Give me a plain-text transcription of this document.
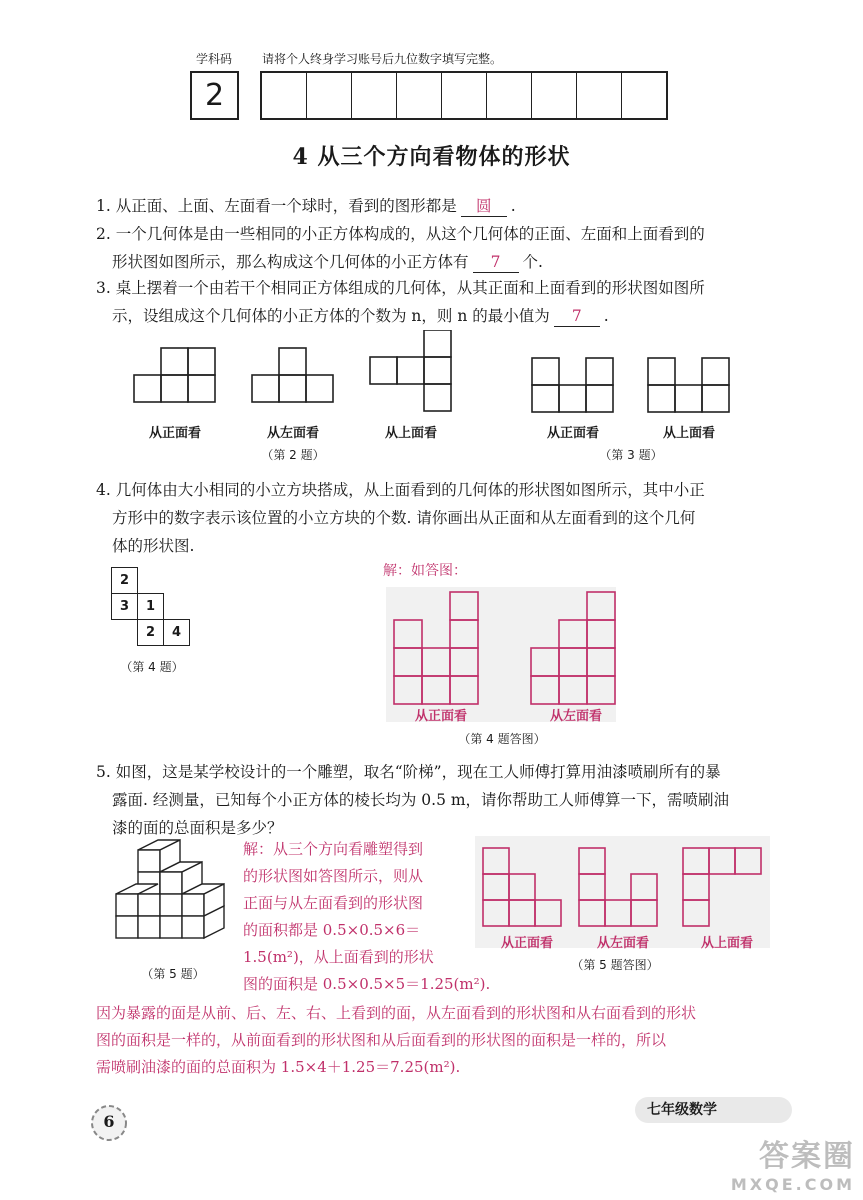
学科码 请将个人终身学习账号后九位数字填写完整。
2
4 从三个方向看物体的形状
1. 从正面、上面、左面看一个球时，看到的图形都是 圆 .
2. 一个几何体是由一些相同的小正方体构成的，从这个几何体的正面、左面和上面看到的
形状图如图所示，那么构成这个几何体的小正方体有 7 个.
3. 桌上摆着一个由若干个相同正方体组成的几何体，从其正面和上面看到的形状图如图所
示，设组成这个几何体的小正方体的个数为 n，则 n 的最小值为 7 .
从正面看	从左面看	从上面看
（第 2 题）
从正面看	从上面看
（第 3 题）
4. 几何体由大小相同的小立方块搭成，从上面看到的几何体的形状图如图所示，其中小正
方形中的数字表示该位置的小立方块的个数. 请你画出从正面和从左面看到的这个几何
体的形状图.
2		
3	1	
	2	4
（第 4 题）
解：如答图：
从正面看	从左面看
（第 4 题答图）
5. 如图，这是某学校设计的一个雕塑，取名“阶梯”，现在工人师傅打算用油漆喷刷所有的暴
露面. 经测量，已知每个小正方体的棱长均为 0.5 m，请你帮助工人师傅算一下，需喷刷油
漆的面的总面积是多少？
（第 5 题）
解：从三个方向看雕塑得到
的形状图如答图所示，则从
正面与从左面看到的形状图
的面积都是 0.5×0.5×6＝
1.5(m²)，从上面看到的形状
图的面积是 0.5×0.5×5＝1.25(m²).
从正面看	从左面看	从上面看
（第 5 题答图）
因为暴露的面是从前、后、左、右、上看到的面，从左面看到的形状图和从右面看到的形状
图的面积是一样的，从前面看到的形状图和从后面看到的形状图的面积是一样的，所以
需喷刷油漆的面的总面积为 1.5×4＋1.25＝7.25(m²).
6
七年级数学
答案圈
MXQE.COM
